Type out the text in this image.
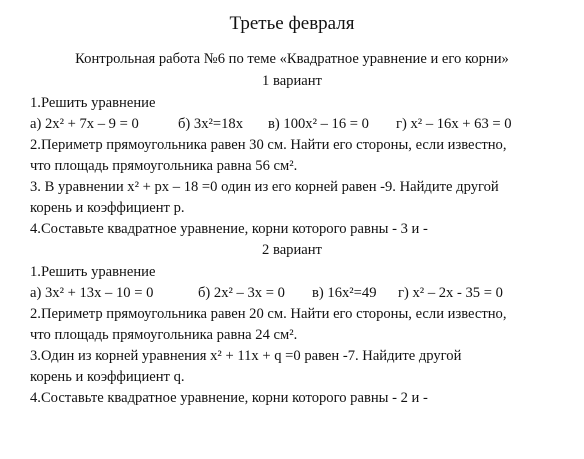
Третье февраля
Контрольная работа №6 по теме «Квадратное уравнение и его корни»
1 вариант
1.Решить уравнение
а) 2x² + 7x – 9 = 0	б) 3x²=18x	в) 100x² – 16 = 0	г) x² – 16x + 63 = 0
2.Периметр прямоугольника равен 30 см. Найти его стороны, если известно,
что площадь прямоугольника равна 56 см².
3. В уравнении x² + px – 18 =0 один из его корней равен -9. Найдите другой
корень и коэффициент p.
4.Составьте квадратное уравнение, корни которого равны - 3 и -
2 вариант
1.Решить уравнение
а) 3x² + 13x – 10 = 0	б) 2x² – 3x = 0	в) 16x²=49	г) x² – 2x - 35 = 0
2.Периметр прямоугольника равен 20 см. Найти его стороны, если известно,
что площадь прямоугольника равна 24 см².
3.Один из корней уравнения x² + 11x + q =0 равен -7. Найдите другой
корень и коэффициент q.
4.Составьте квадратное уравнение, корни которого равны - 2 и -
